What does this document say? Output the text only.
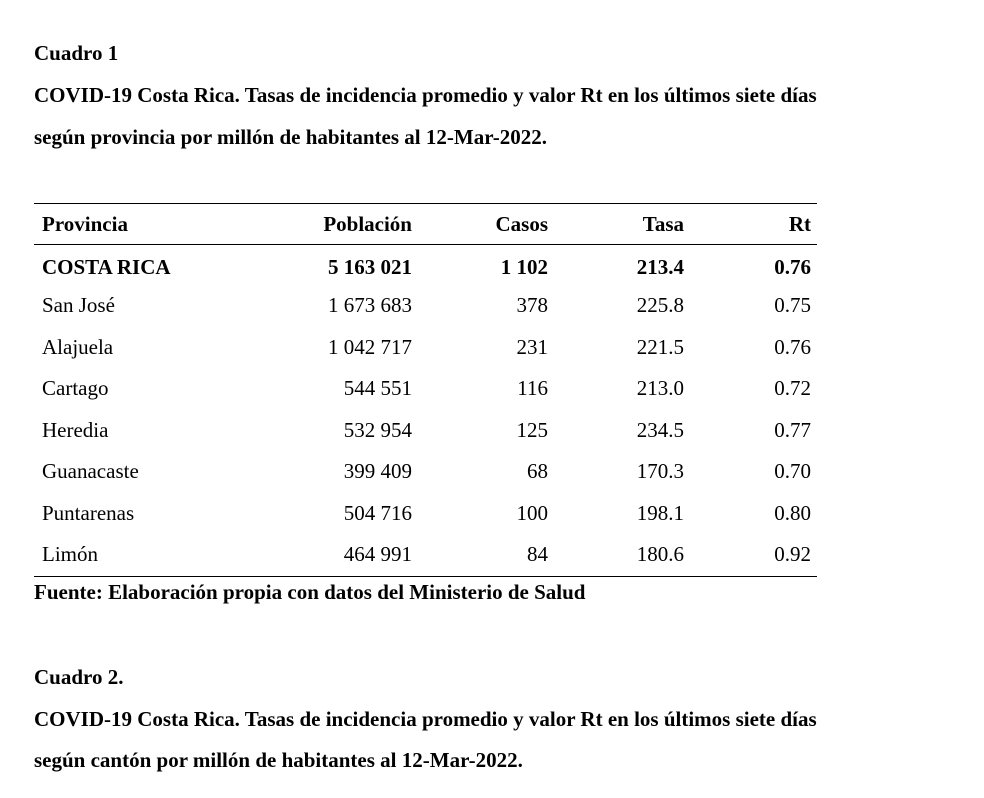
Cuadro 1
COVID-19 Costa Rica. Tasas de incidencia promedio y valor Rt en los últimos siete días
según provincia por millón de habitantes al 12-Mar-2022.
Provincia	Población	Casos	Tasa	Rt
COSTA RICA	5 163 021	1 102	213.4	0.76
San José	1 673 683	378	225.8	0.75
Alajuela	1 042 717	231	221.5	0.76
Cartago	544 551	116	213.0	0.72
Heredia	532 954	125	234.5	0.77
Guanacaste	399 409	68	170.3	0.70
Puntarenas	504 716	100	198.1	0.80
Limón	464 991	84	180.6	0.92
Fuente: Elaboración propia con datos del Ministerio de Salud
Cuadro 2.
COVID-19 Costa Rica. Tasas de incidencia promedio y valor Rt en los últimos siete días
según cantón por millón de habitantes al 12-Mar-2022.
